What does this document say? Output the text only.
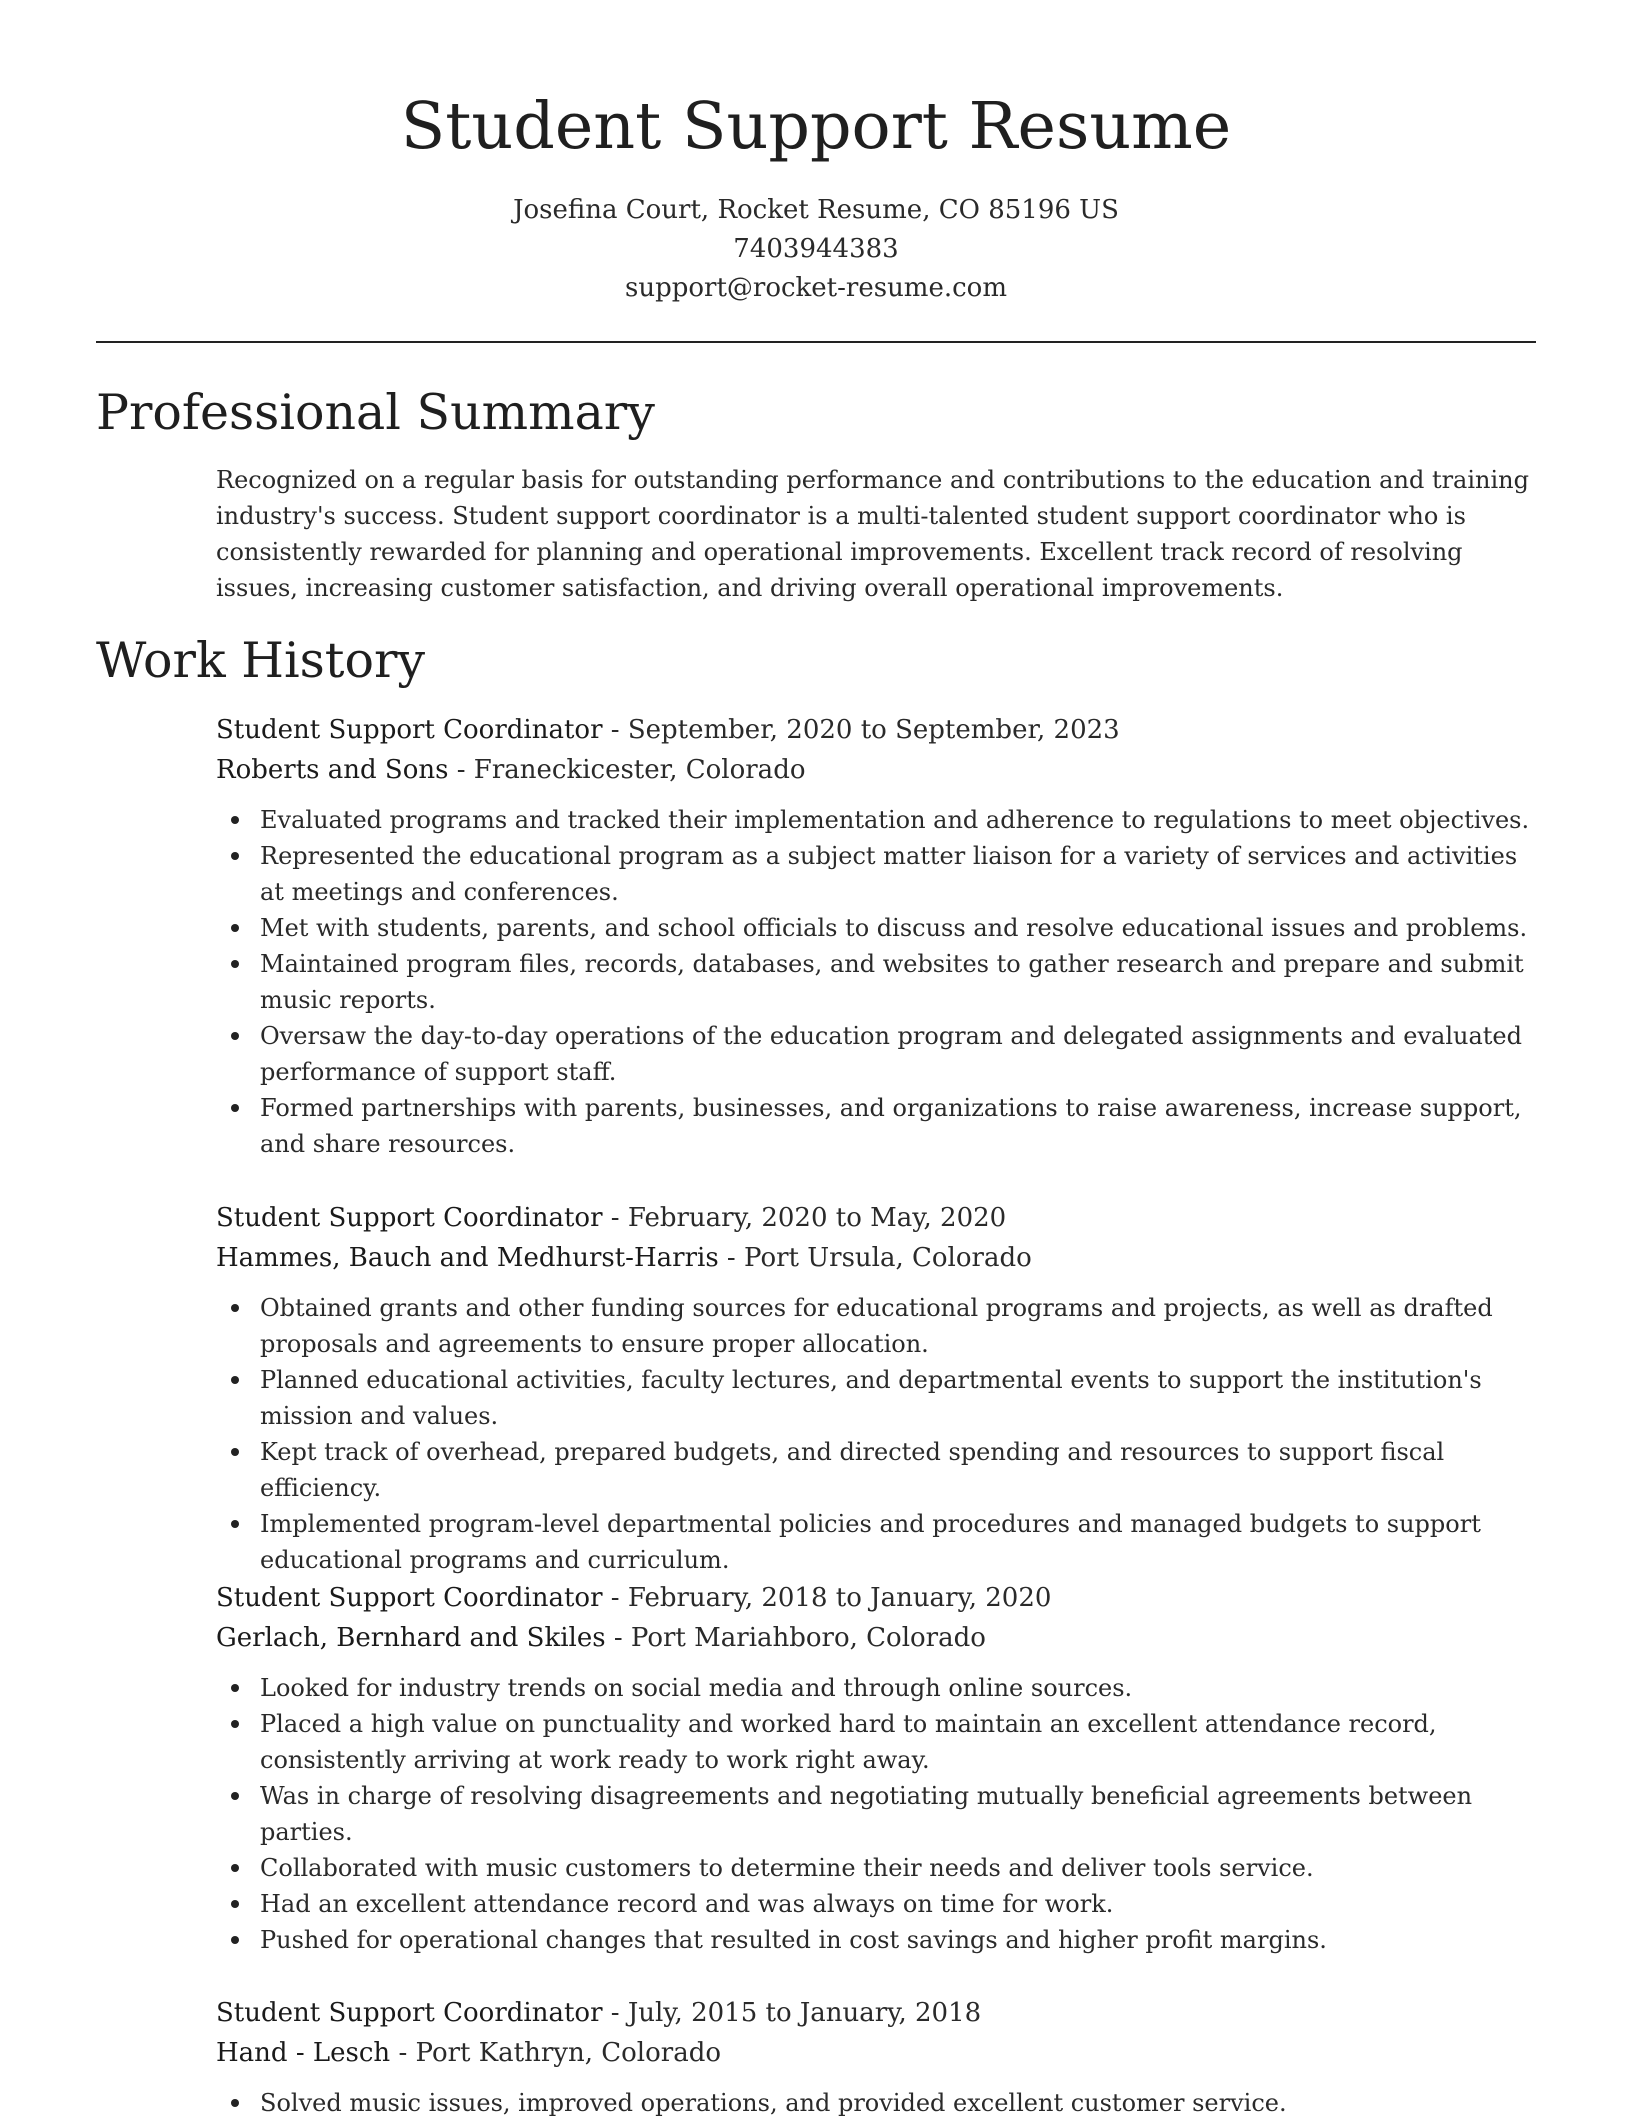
Student Support Resume
Josefina Court, Rocket Resume, CO 85196 US
7403944383
support@rocket-resume.com
Professional Summary

Recognized on a regular basis for outstanding performance and contributions to the education and training industry's success. Student support coordinator is a multi-talented student support coordinator who is consistently rewarded for planning and operational improvements. Excellent track record of resolving issues, increasing customer satisfaction, and driving overall operational improvements.

Work History
Student Support Coordinator - September, 2020 to September, 2023
Roberts and Sons - Franeckicester, Colorado
Evaluated programs and tracked their implementation and adherence to regulations to meet objectives.
Represented the educational program as a subject matter liaison for a variety of services and activities at meetings and conferences.
Met with students, parents, and school officials to discuss and resolve educational issues and problems.
Maintained program files, records, databases, and websites to gather research and prepare and submit music reports.
Oversaw the day-to-day operations of the education program and delegated assignments and evaluated performance of support staff.
Formed partnerships with parents, businesses, and organizations to raise awareness, increase support, and share resources.
Student Support Coordinator - February, 2020 to May, 2020
Hammes, Bauch and Medhurst-Harris - Port Ursula, Colorado
Obtained grants and other funding sources for educational programs and projects, as well as drafted proposals and agreements to ensure proper allocation.
Planned educational activities, faculty lectures, and departmental events to support the institution's mission and values.
Kept track of overhead, prepared budgets, and directed spending and resources to support fiscal efficiency.
Implemented program-level departmental policies and procedures and managed budgets to support educational programs and curriculum.
Student Support Coordinator - February, 2018 to January, 2020
Gerlach, Bernhard and Skiles - Port Mariahboro, Colorado
Looked for industry trends on social media and through online sources.
Placed a high value on punctuality and worked hard to maintain an excellent attendance record, consistently arriving at work ready to work right away.
Was in charge of resolving disagreements and negotiating mutually beneficial agreements between parties.
Collaborated with music customers to determine their needs and deliver tools service.
Had an excellent attendance record and was always on time for work.
Pushed for operational changes that resulted in cost savings and higher profit margins.
Student Support Coordinator - July, 2015 to January, 2018
Hand - Lesch - Port Kathryn, Colorado
Solved music issues, improved operations, and provided excellent customer service.
